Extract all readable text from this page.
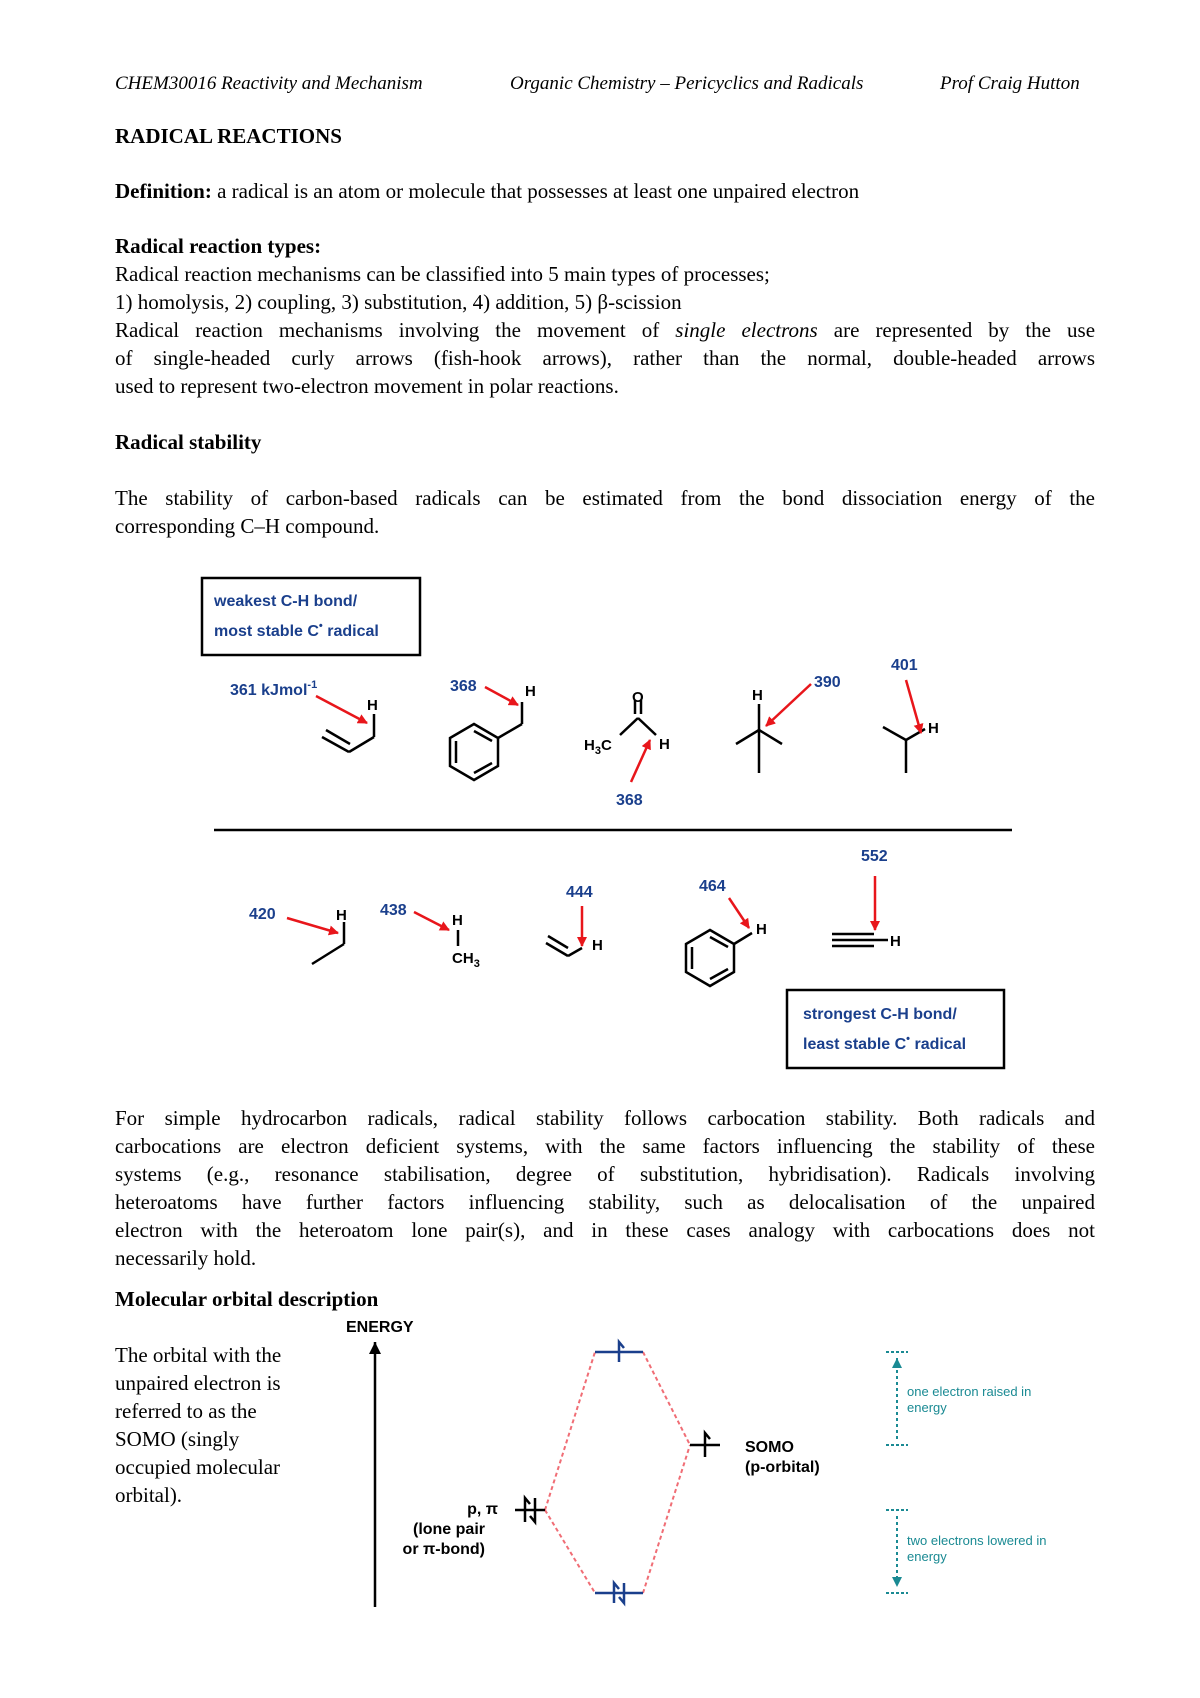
CHEM30016 Reactivity and Mechanism	Organic Chemistry – Pericyclics and Radicals	Prof Craig Hutton
RADICAL REACTIONS
Definition: a radical is an atom or molecule that possesses at least one unpaired electron
Radical reaction types:
Radical reaction mechanisms can be classified into 5 main types of processes;
1) homolysis, 2) coupling, 3) substitution, 4) addition, 5) β-scission
Radical reaction mechanisms involving the movement of single electrons are represented by the use
of single-headed curly arrows (fish-hook arrows), rather than the normal, double-headed arrows
used to represent two-electron movement in polar reactions.
Radical stability
The stability of carbon-based radicals can be estimated from the bond dissociation energy of the
corresponding C–H compound.
weakest C-H bond/
most stable C• radical
strongest C-H bond/
least stable C• radical
H
361 kJmol$^{-1}$	H
368
O
$H_3C$	H
368
H
390
H
401
H
420	H
$CH_3$
438
H
444
H
464
H
552
For simple hydrocarbon radicals, radical stability follows carbocation stability. Both radicals and
carbocations are electron deficient systems, with the same factors influencing the stability of these
systems (e.g., resonance stabilisation, degree of substitution, hybridisation). Radicals involving
heteroatoms have further factors influencing stability, such as delocalisation of the unpaired
electron with the heteroatom lone pair(s), and in these cases analogy with carbocations does not
necessarily hold.
Molecular orbital description
The orbital with the
unpaired electron is
referred to as the
SOMO (singly
occupied molecular
orbital).
ENERGY
SOMO
(p-orbital)
p, π
(lone pair
or π-bond)
one electron raised in
energy
two electrons lowered in
energy
